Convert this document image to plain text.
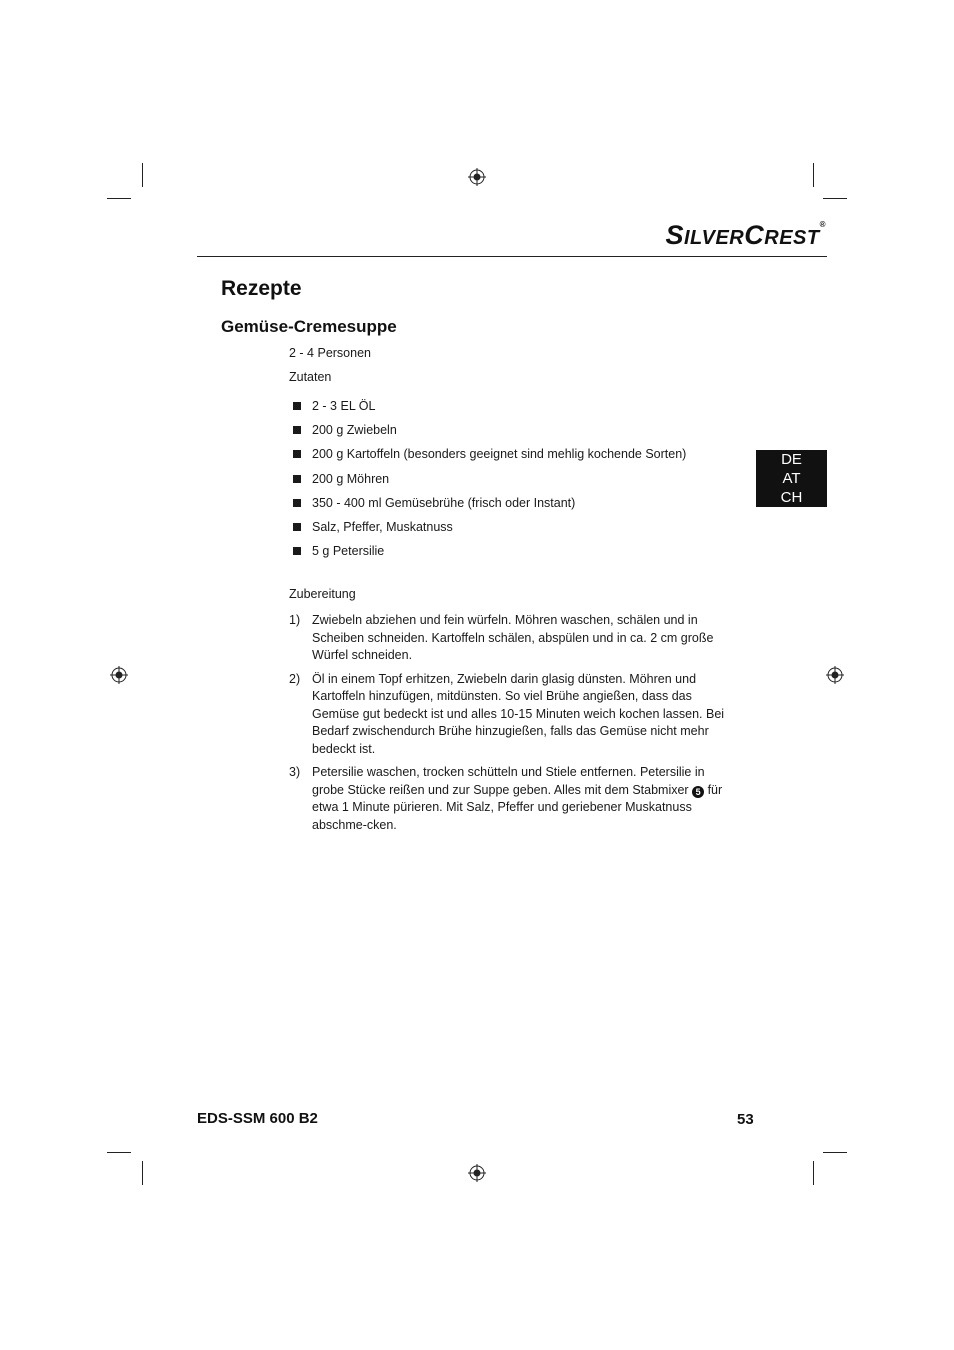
SILVERCREST®
Rezepte
Gemüse-Cremesuppe
2 - 4 Personen
Zutaten
2 - 3 EL ÖL
200 g Zwiebeln
200 g Kartoffeln (besonders geeignet sind mehlig kochende Sorten)
200 g Möhren
350 - 400 ml Gemüsebrühe (frisch oder Instant)
Salz, Pfeffer, Muskatnuss
5 g Petersilie
Zubereitung
1) Zwiebeln abziehen und fein würfeln. Möhren waschen, schälen und in Scheiben schneiden. Kartoffeln schälen, abspülen und in ca. 2 cm große Würfel schneiden.
2) Öl in einem Topf erhitzen, Zwiebeln darin glasig dünsten. Möhren und Kartoffeln hinzufügen, mitdünsten. So viel Brühe angießen, dass das Gemüse gut bedeckt ist und alles 10-15 Minuten weich kochen lassen. Bei Bedarf zwischendurch Brühe hinzugießen, falls das Gemüse nicht mehr bedeckt ist.
3) Petersilie waschen, trocken schütteln und Stiele entfernen. Petersilie in grobe Stücke reißen und zur Suppe geben. Alles mit dem Stabmixer 5 für etwa 1 Minute pürieren. Mit Salz, Pfeffer und geriebener Muskatnuss abschme-cken.
DE
AT
CH
EDS-SSM 600 B2	53
